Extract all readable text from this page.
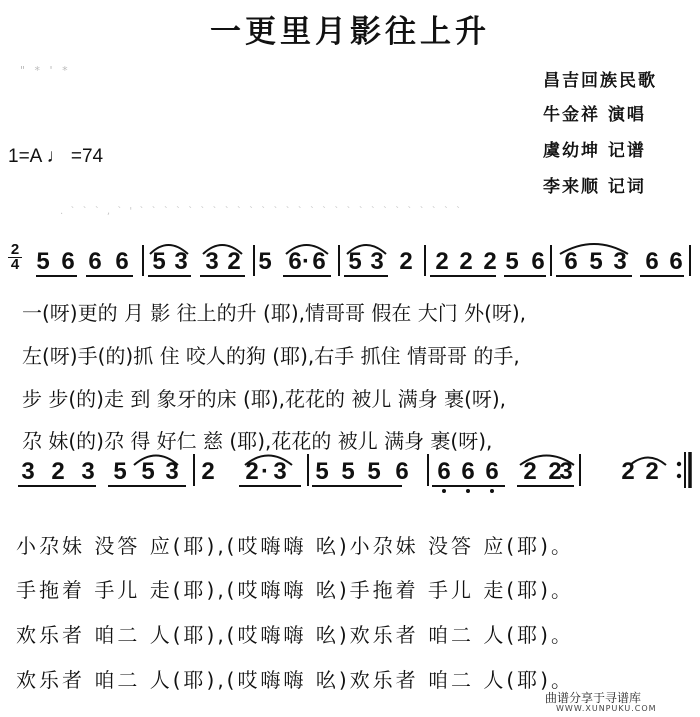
一更里月影往上升
" * ' *
. ` ` ` , ` ' ` ` ` ` ` ` ` ` ` ` ` ` ` ` ` ` ` ` ` ` ` ` ` ` ` ` `
昌吉回族民歌
牛金祥 演唱
虞幼坤 记谱
李来顺 记词
1=A ♩ =74
2
4 5 6 6 6 5 3 3 2 5 6 · 6 5 3 2 2 2 2 5 6 6 5 3 6 6
3 2 3 5 5 3 2 2 · 3 5 5 5 6 6 6 6 2 2
3 2 2
一(呀)更的 月 影 往上的升 (耶),情哥哥 假在 大门 外(呀),
左(呀)手(的)抓 住 咬人的狗 (耶),右手 抓住 情哥哥 的手,
步 步(的)走 到 象牙的床 (耶),花花的 被儿 满身 裹(呀),
尕 妹(的)尕 得 好仁 慈 (耶),花花的 被儿 满身 裹(呀),
小尕妹 没答 应(耶),(哎嗨嗨 吆)小尕妹 没答 应(耶)。
手拖着 手儿 走(耶),(哎嗨嗨 吆)手拖着 手儿 走(耶)。
欢乐者 咱二 人(耶),(哎嗨嗨 吆)欢乐者 咱二 人(耶)。
欢乐者 咱二 人(耶),(哎嗨嗨 吆)欢乐者 咱二 人(耶)。
曲谱分享于寻谱库
WWW.XUNPUKU.COM
